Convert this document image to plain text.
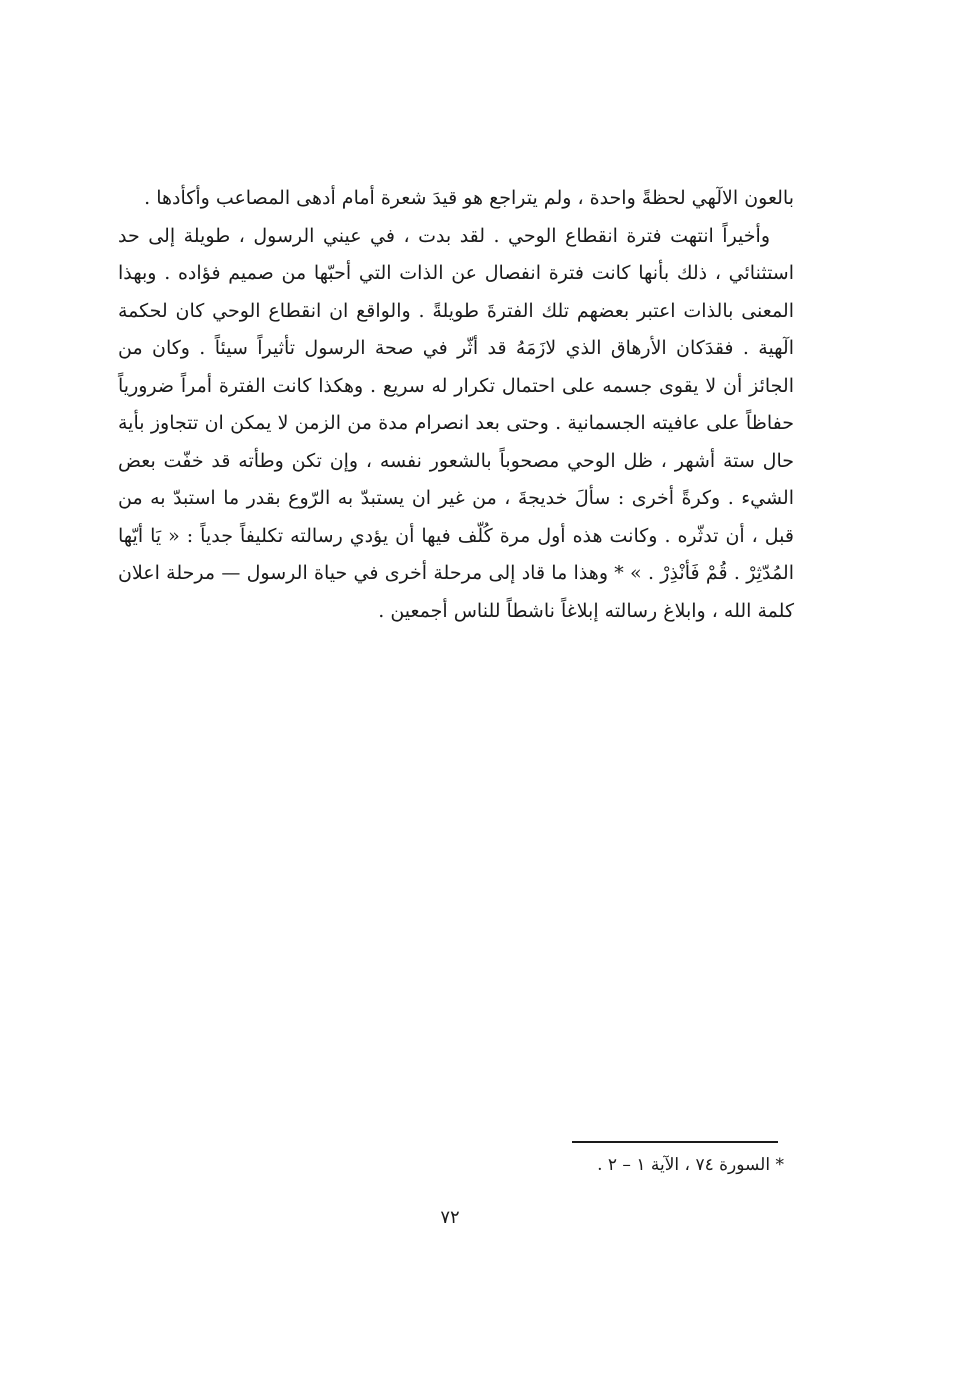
بالعون الالٓهي لحظةً واحدة ، ولم يتراجع هو قيدَ شعرة أمام أدهى المصاعب وأكأدها .

وأخيراً انتهت فترة انقطاع الوحي . لقد بدت ، في عيني الرسول ، طويلة إلى حد استثنائي ، ذلك بأنها كانت فترة انفصال عن الذات التي أحبّها من صميم فؤاده . وبهذا المعنى بالذات اعتبر بعضهم تلك الفترةَ طويلةً . والواقع ان انقطاع الوحي كان لحكمة الٓهية . فقدَكان الأرهاق الذي لازَمَهُ قد أثّر في صحة الرسول تأثيراً سيئاً . وكان من الجائز أن لا يقوى جسمه على احتمال تكرار له سريع . وهكذا كانت الفترة أمراً ضرورياً حفاظاً على عافيته الجسمانية . وحتى بعد انصرام مدة من الزمن لا يمكن ان تتجاوز بأية حال ستة أشهر ، ظل الوحي مصحوباً بالشعور نفسه ، وإن تكن وطأته قد خفّت بعض الشيء . وكرةً أخرى : سألَ خديجةَ ، من غير ان يستبدّ به الرّوع بقدر ما استبدّ به من قبل ، أن تدثّره . وكانت هذه أول مرة كُلّف فيها أن يؤدي رسالته تكليفاً جدياً : « يَا أيّها المُدّثِرْ . قُمْ فَأنْذِرْ . » * وهذا ما قاد إلى مرحلة أخرى في حياة الرسول — مرحلة اعلان كلمة الله ، وابلاغ رسالته إبلاغاً ناشطاً للناس أجمعين .

* السورة ٧٤ ، الآية ١ – ٢ .
٧٢
